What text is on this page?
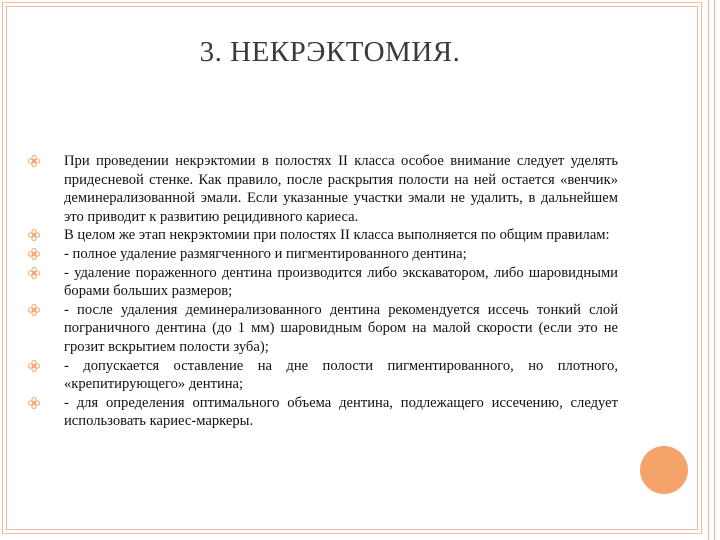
3. НЕКРЭКТОМИЯ.
При проведении некрэктомии в полостях II класса особое внимание следует уделять придесневой стенке. Как правило, после раскрытия полости на ней остается «венчик» деминерализованной эмали. Если указанные участки эмали не удалить, в дальнейшем это приводит к развитию рецидивного кариеса.
В целом же этап некрэктомии при полостях II класса выполняется по общим правилам:
- полное удаление размягченного и пигментированного дентина;
- удаление пораженного дентина производится либо экскаватором, либо шаровидными борами больших размеров;
- после удаления деминерализованного дентина рекомендуется иссечь тонкий слой пограничного дентина (до 1 мм) шаровидным бором на малой скорости (если это не грозит вскрытием полости зуба);
- допускается оставление на дне полости пигментированного, но плотного, «крепитирующего» дентина;
- для определения оптимального объема дентина, подлежащего иссечению, следует использовать кариес-маркеры.
